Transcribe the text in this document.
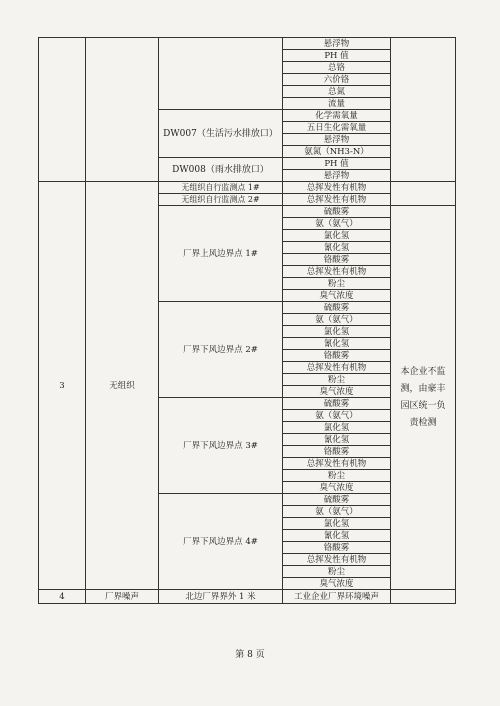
			悬浮物	
			PH 值	
			总铬	
			六价铬	
			总氮	
			流量	
		DW007（生活污水排放口）	化学需氧量	
			五日生化需氧量	
			悬浮物	
			氨氮（NH3-N）	
		DW008（雨水排放口）	PH 值	
			悬浮物	
3	无组织	无组织自行监测点 1#	总挥发性有机物	
		无组织自行监测点 2#	总挥发性有机物	
		厂界上风边界点 1#	硫酸雾	本企业不监测，由豪丰园区统一负责检测
			氨（氨气）	
			氯化氢	
			氰化氢	
			铬酸雾	
			总挥发性有机物	
			粉尘	
			臭气浓度	
		厂界下风边界点 2#	硫酸雾	
			氨（氨气）	
			氯化氢	
			氰化氢	
			铬酸雾	
			总挥发性有机物	
			粉尘	
			臭气浓度	
		厂界下风边界点 3#	硫酸雾	
			氨（氨气）	
			氯化氢	
			氰化氢	
			铬酸雾	
			总挥发性有机物	
			粉尘	
			臭气浓度	
		厂界下风边界点 4#	硫酸雾	
			氨（氨气）	
			氯化氢	
			氰化氢	
			铬酸雾	
			总挥发性有机物	
			粉尘	
			臭气浓度	
4	厂界噪声	北边厂界界外 1 米	工业企业厂界环境噪声	
第 8 页
